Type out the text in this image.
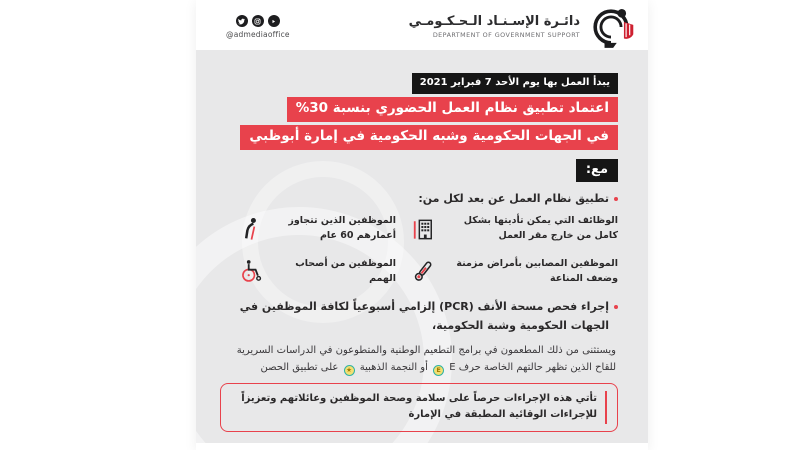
@admediaoffice
دائـرة الإسـنـاد الـحـكـومـي
DEPARTMENT OF GOVERNMENT SUPPORT
يبدأ العمل بها يوم الأحد 7 فبراير 2021
اعتماد تطبيق نظام العمل الحضوري بنسبة 30%
في الجهات الحكومية وشبه الحكومية في إمارة أبوظبي
مع:
تطبيق نظام العمل عن بعد لكل من:
الوظائف التي يمكن تأديتها بشكل كامل من خارج مقر العمل
الموظفين الذين تتجاوز أعمارهم 60 عام
الموظفين المصابين بأمراض مزمنة وضعف المناعة
الموظفين من أصحاب الهمم
إجراء فحص مسحة الأنف (PCR) إلزامي أسبوعياً لكافة الموظفين في الجهات الحكومية وشبة الحكومية،

ويستثنى من ذلك المطعمون في برامج التطعيم الوطنية والمتطوعون في الدراسات السريرية للقاح الذين تظهر حالتهم الخاصة حرف E
E
أو النجمة الذهبية
★
على تطبيق الحصن

تأتي هذه الإجراءات حرصاً على سلامة وصحة الموظفين وعائلاتهم وتعزيزاً للإجراءات الوقائية المطبقة في الإمارة
